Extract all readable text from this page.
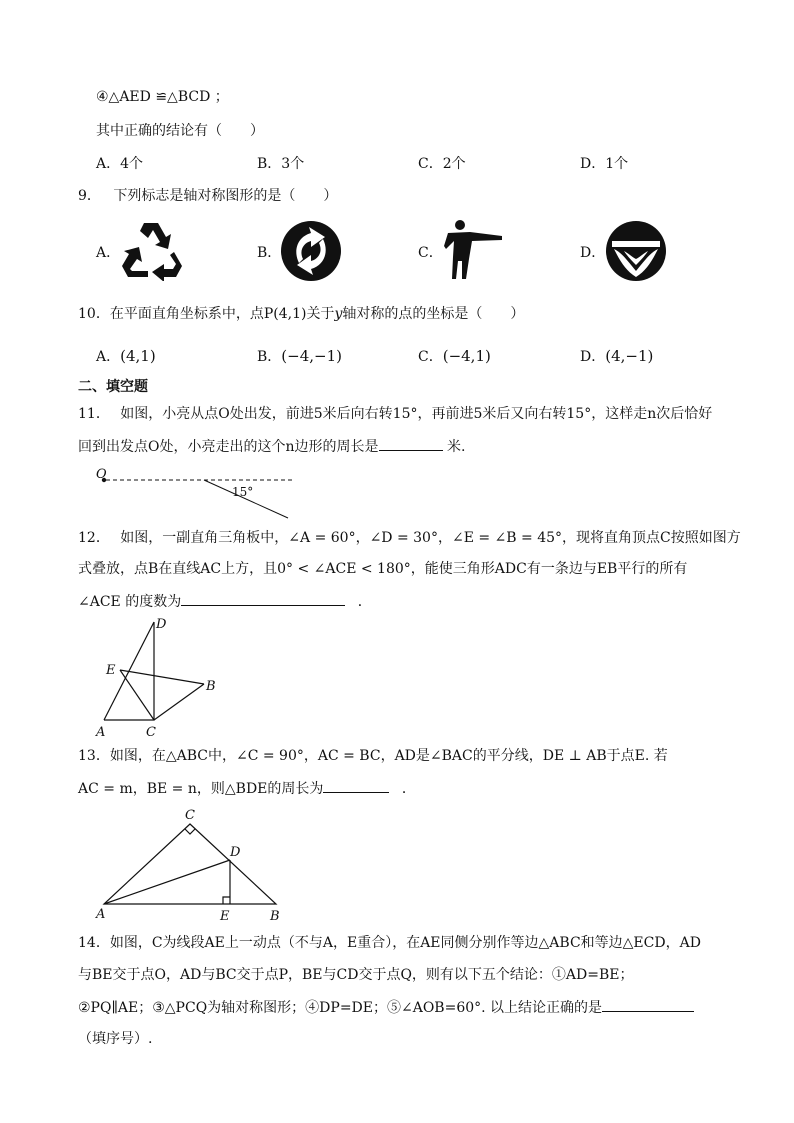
④△AED ≌△BCD ；
其中正确的结论有（　　）
A．4个	B．3个	C．2个	D．1个
9． 下列标志是轴对称图形的是（　　）
A．	B．	C．	D．
10．在平面直角坐标系中，点P(4,1)关于y轴对称的点的坐标是（　　）
A．(4,1)	B．(−4,−1)	C．(−4,1)	D．(4,−1)
二、填空题
11． 如图，小亮从点O处出发，前进5米后向右转15°，再前进5米后又向右转15°，这样走n次后恰好
回到出发点O处，小亮走出的这个n边形的周长是	米.
O
15°
12． 如图，一副直角三角板中，∠A = 60°，∠D = 30°，∠E = ∠B = 45°，现将直角顶点C按照如图方
式叠放，点B在直线AC上方，且0° < ∠ACE < 180°，能使三角形ADC有一条边与EB平行的所有
∠ACE 的度数为	．
D
E
B
A	C
13．如图，在△ABC中，∠C = 90°，AC = BC，AD是∠BAC的平分线，DE ⊥ AB于点E. 若
AC = m，BE = n，则△BDE的周长为	．
C
D
A	E	B
14．如图，C为线段AE上一动点（不与A，E重合），在AE同侧分别作等边△ABC和等边△ECD，AD
与BE交于点O，AD与BC交于点P，BE与CD交于点Q，则有以下五个结论：①AD=BE；
②PQ∥AE；③△PCQ为轴对称图形；④DP=DE；⑤∠AOB=60°. 以上结论正确的是
（填序号）.
